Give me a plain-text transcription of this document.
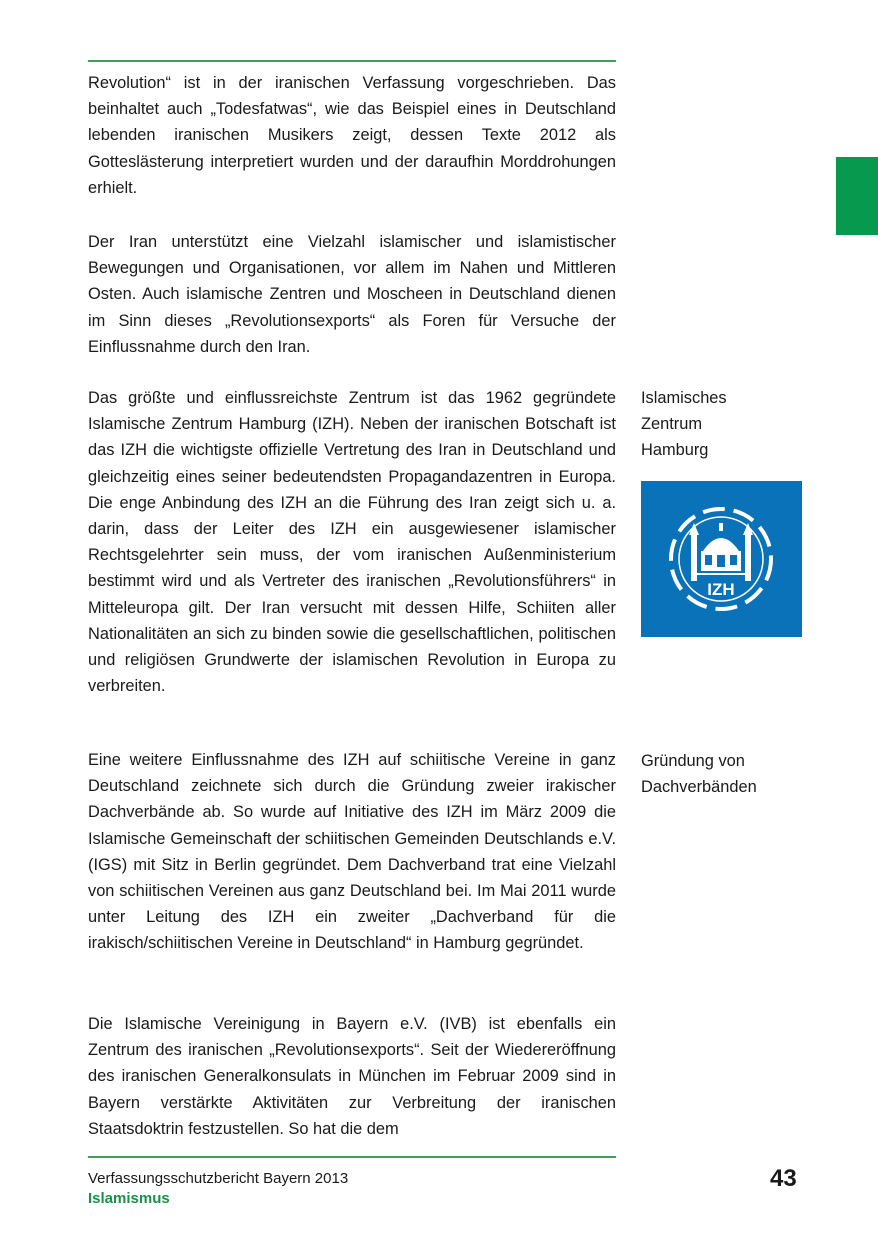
Revolution“ ist in der iranischen Verfassung vorgeschrieben. Das beinhaltet auch „Todesfatwas“, wie das Beispiel eines in Deutschland lebenden iranischen Musikers zeigt, dessen Texte 2012 als Gotteslästerung interpretiert wurden und der daraufhin Morddrohungen erhielt.

Der Iran unterstützt eine Vielzahl islamischer und islamistischer Bewegungen und Organisationen, vor allem im Nahen und Mittleren Osten. Auch islamische Zentren und Moscheen in Deutschland dienen im Sinn dieses „Revolutionsexports“ als Foren für Versuche der Einflussnahme durch den Iran.

Das größte und einflussreichste Zentrum ist das 1962 gegründete Islamische Zentrum Hamburg (IZH). Neben der iranischen Botschaft ist das IZH die wichtigste offizielle Vertretung des Iran in Deutschland und gleichzeitig eines seiner bedeutendsten Propagandazentren in Europa. Die enge Anbindung des IZH an die Führung des Iran zeigt sich u. a. darin, dass der Leiter des IZH ein ausgewiesener islamischer Rechtsgelehrter sein muss, der vom iranischen Außenministerium bestimmt wird und als Vertreter des iranischen „Revolutionsführers“ in Mitteleuropa gilt. Der Iran versucht mit dessen Hilfe, Schiiten aller Nationalitäten an sich zu binden sowie die gesellschaftlichen, politischen und religiösen Grundwerte der islamischen Revolution in Europa zu verbreiten.

Eine weitere Einflussnahme des IZH auf schiitische Vereine in ganz Deutschland zeichnete sich durch die Gründung zweier irakischer Dachverbände ab. So wurde auf Initiative des IZH im März 2009 die Islamische Gemeinschaft der schiitischen Gemeinden Deutschlands e.V. (IGS) mit Sitz in Berlin gegründet. Dem Dachverband trat eine Vielzahl von schiitischen Vereinen aus ganz Deutschland bei. Im Mai 2011 wurde unter Leitung des IZH ein zweiter „Dachverband für die irakisch/schiitischen Vereine in Deutschland“ in Hamburg gegründet.

Die Islamische Vereinigung in Bayern e.V. (IVB) ist ebenfalls ein Zentrum des iranischen „Revolutionsexports“. Seit der Wiedereröffnung des iranischen Generalkonsulats in München im Februar 2009 sind in Bayern verstärkte Aktivitäten zur Verbreitung der iranischen Staatsdoktrin festzustellen. So hat die dem

Islamisches Zentrum Hamburg

Gründung von Dachverbänden

IZH
Verfassungsschutzbericht Bayern 2013
Islamismus
43
